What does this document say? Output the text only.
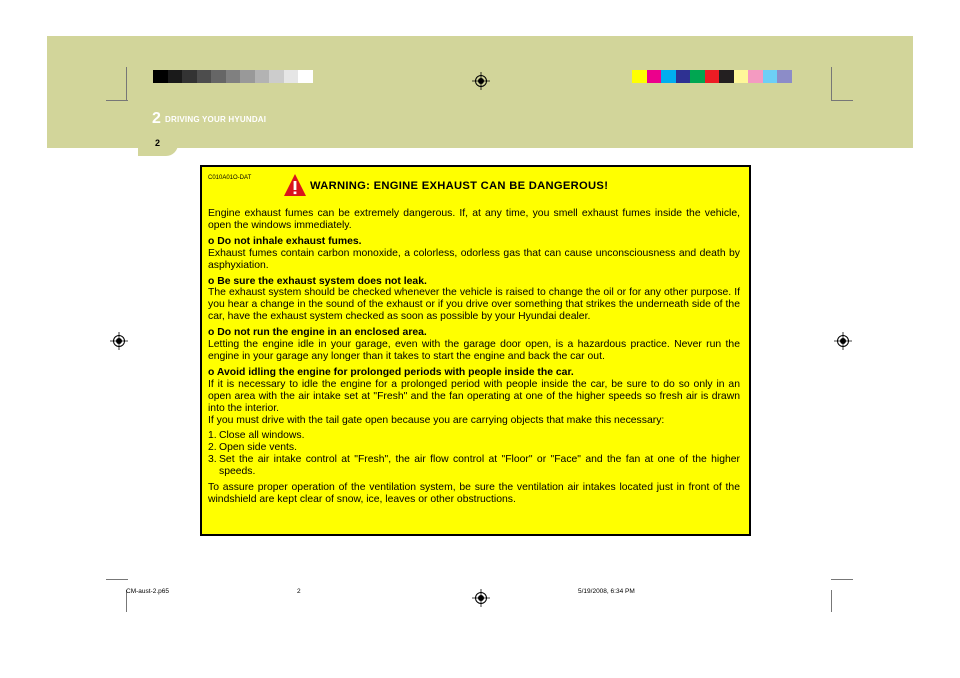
2 DRIVING YOUR HYUNDAI
2
C010A01O-DAT
WARNING: ENGINE EXHAUST CAN BE DANGEROUS!

Engine exhaust fumes can be extremely dangerous. If, at any time, you smell exhaust fumes inside the vehicle, open the windows immediately.

o Do not inhale exhaust fumes.
Exhaust fumes contain carbon monoxide, a colorless, odorless gas that can cause unconsciousness and death by asphyxiation.

o Be sure the exhaust system does not leak.
The exhaust system should be checked whenever the vehicle is raised to change the oil or for any other purpose. If you hear a change in the sound of the exhaust or if you drive over something that strikes the underneath side of the car, have the exhaust system checked as soon as possible by your Hyundai dealer.

o Do not run the engine in an enclosed area.
Letting the engine idle in your garage, even with the garage door open, is a hazardous practice. Never run the engine in your garage any longer than it takes to start the engine and back the car out.

o Avoid idling the engine for prolonged periods with people inside the car.
If it is necessary to idle the engine for a prolonged period with people inside the car, be sure to do so only in an open area with the air intake set at "Fresh" and the fan operating at one of the higher speeds so fresh air is drawn into the interior.

If you must drive with the tail gate open because you are carrying objects that make this necessary:

1. Close all windows.
2. Open side vents.
3. Set the air intake control at "Fresh", the air flow control at "Floor" or "Face" and the fan at one of the higher speeds.

To assure proper operation of the ventilation system, be sure the ventilation air intakes located just in front of the windshield are kept clear of snow, ice, leaves or other obstructions.

CM-aust-2.p65	2	5/19/2008, 6:34 PM
